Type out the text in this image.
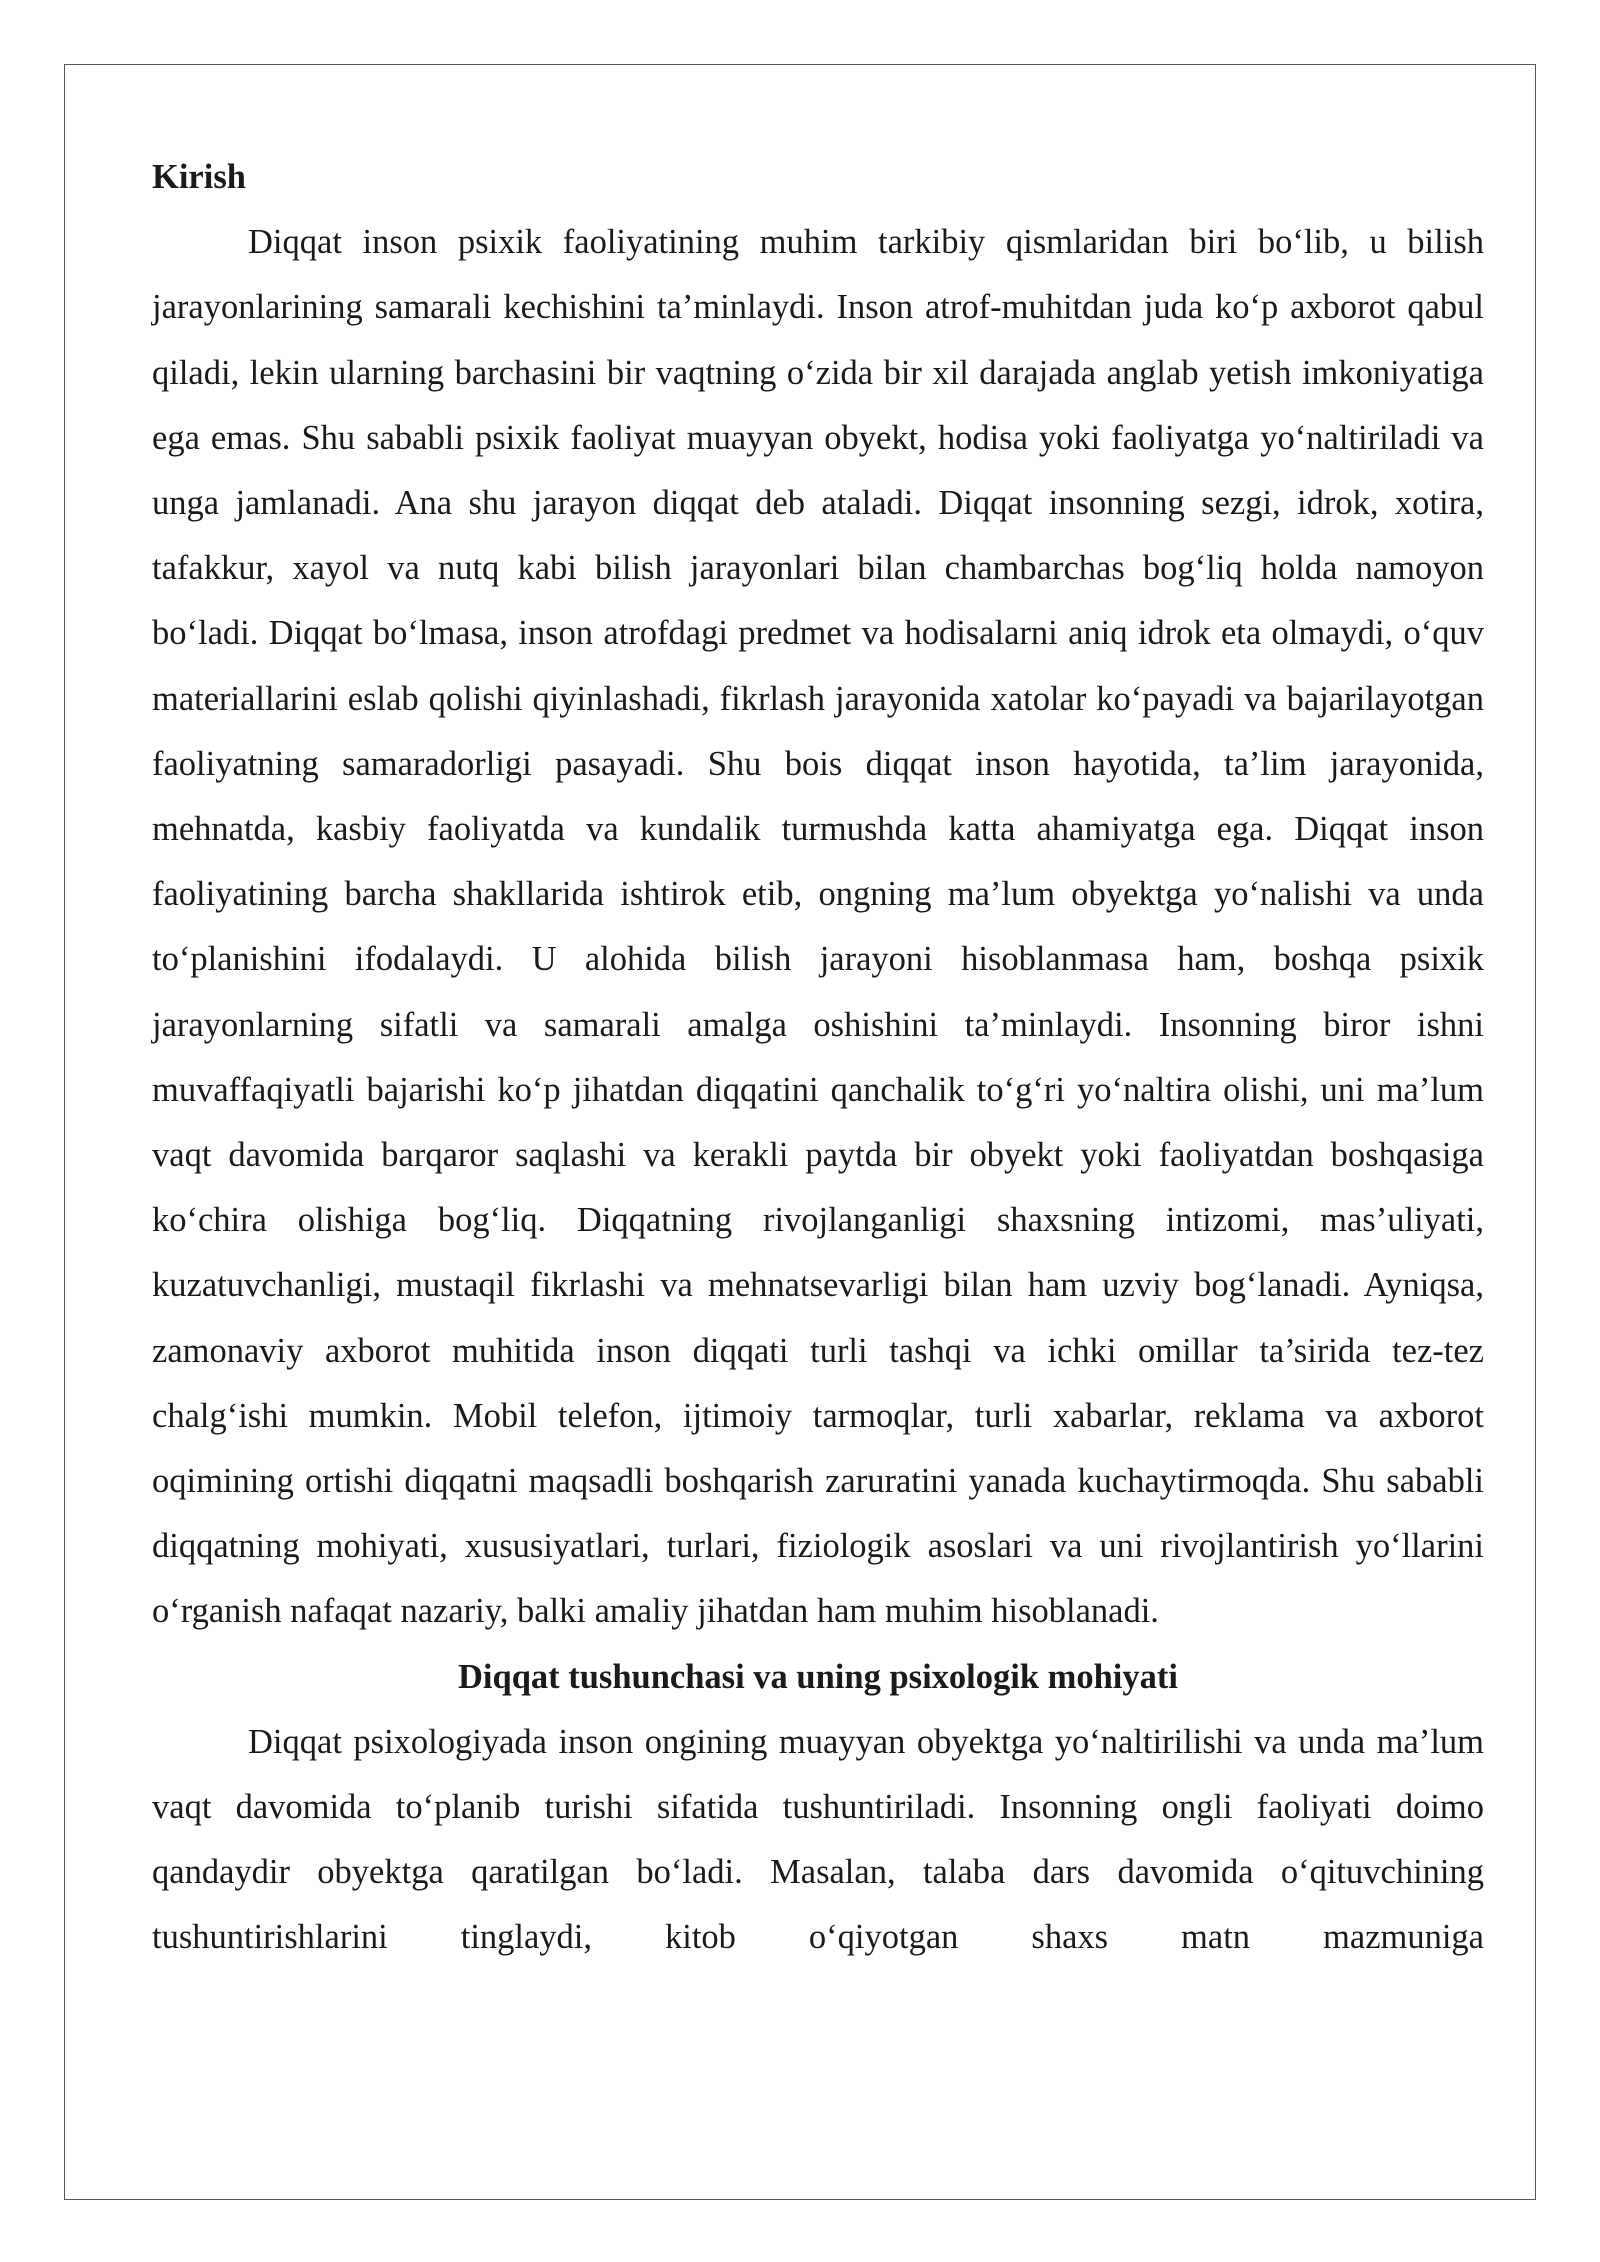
Kirish

Diqqat inson psixik faoliyatining muhim tarkibiy qismlaridan biri bo‘lib, u bilish jarayonlarining samarali kechishini ta’minlaydi. Inson atrof-muhitdan juda ko‘p axborot qabul qiladi, lekin ularning barchasini bir vaqtning o‘zida bir xil darajada anglab yetish imkoniyatiga ega emas. Shu sababli psixik faoliyat muayyan obyekt, hodisa yoki faoliyatga yo‘naltiriladi va unga jamlanadi. Ana shu jarayon diqqat deb ataladi. Diqqat insonning sezgi, idrok, xotira, tafakkur, xayol va nutq kabi bilish jarayonlari bilan chambarchas bog‘liq holda namoyon bo‘ladi. Diqqat bo‘lmasa, inson atrofdagi predmet va hodisalarni aniq idrok eta olmaydi, o‘quv materiallarini eslab qolishi qiyinlashadi, fikrlash jarayonida xatolar ko‘payadi va bajarilayotgan faoliyatning samaradorligi pasayadi. Shu bois diqqat inson hayotida, ta’lim jarayonida, mehnatda, kasbiy faoliyatda va kundalik turmushda katta ahamiyatga ega. Diqqat inson faoliyatining barcha shakllarida ishtirok etib, ongning ma’lum obyektga yo‘nalishi va unda to‘planishini ifodalaydi. U alohida bilish jarayoni hisoblanmasa ham, boshqa psixik jarayonlarning sifatli va samarali amalga oshishini ta’minlaydi. Insonning biror ishni muvaffaqiyatli bajarishi ko‘p jihatdan diqqatini qanchalik to‘g‘ri yo‘naltira olishi, uni ma’lum vaqt davomida barqaror saqlashi va kerakli paytda bir obyekt yoki faoliyatdan boshqasiga ko‘chira olishiga bog‘liq. Diqqatning rivojlanganligi shaxsning intizomi, mas’uliyati, kuzatuvchanligi, mustaqil fikrlashi va mehnatsevarligi bilan ham uzviy bog‘lanadi. Ayniqsa, zamonaviy axborot muhitida inson diqqati turli tashqi va ichki omillar ta’sirida tez-tez chalg‘ishi mumkin. Mobil telefon, ijtimoiy tarmoqlar, turli xabarlar, reklama va axborot oqimining ortishi diqqatni maqsadli boshqarish zaruratini yanada kuchaytirmoqda. Shu sababli diqqatning mohiyati, xususiyatlari, turlari, fiziologik asoslari va uni rivojlantirish yo‘llarini o‘rganish nafaqat nazariy, balki amaliy jihatdan ham muhim hisoblanadi.

Diqqat tushunchasi va uning psixologik mohiyati

Diqqat psixologiyada inson ongining muayyan obyektga yo‘naltirilishi va unda ma’lum vaqt davomida to‘planib turishi sifatida tushuntiriladi. Insonning ongli faoliyati doimo qandaydir obyektga qaratilgan bo‘ladi. Masalan, talaba dars davomida o‘qituvchining tushuntirishlarini tinglaydi, kitob o‘qiyotgan shaxs matn mazmuniga
